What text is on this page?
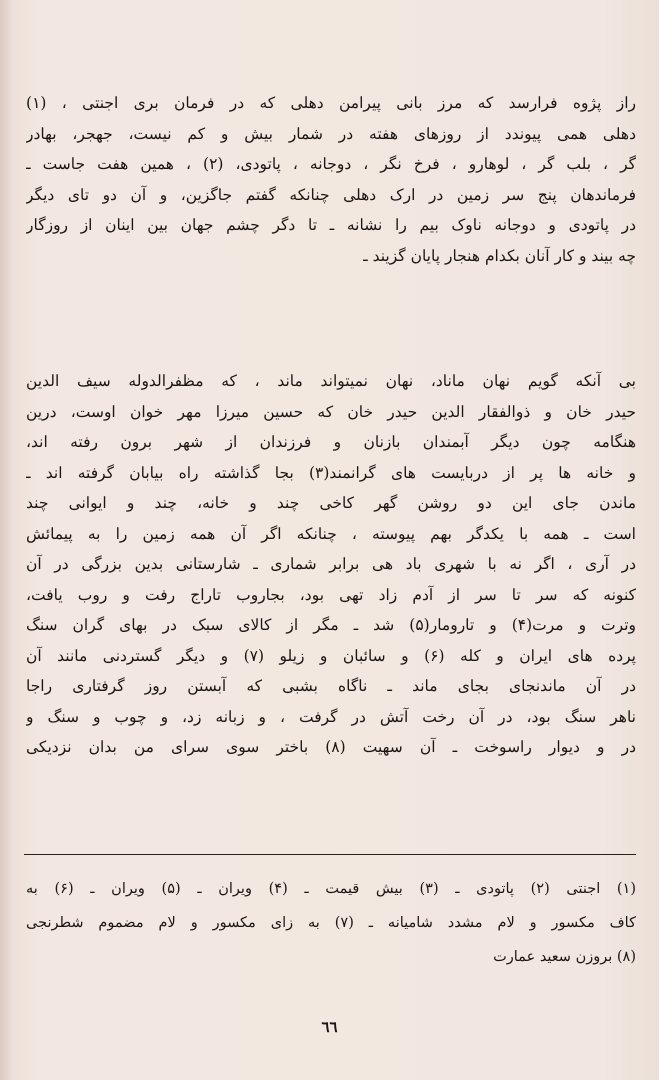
راز پژوه فرارسد که مرز بانی پیرامن دهلی که در فرمان بری اجنتی ، (۱)
دهلی همی پیوندد از روزهای هفته در شمار بیش و کم نیست، جهجر، بهادر
گر ، بلب گر ، لوهارو ، فرخ نگر ، دوجانه ، پاتودی، (۲) ، همین هفت جاست ـ
فرماندهان پنج سر زمین در ارک دهلی چنانکه گفتم جاگزین، و آن دو تای دیگر
در پاتودی و دوجانه ناوک بیم را نشانه ـ تا دگر چشم جهان بین اینان از روزگار
چه بیند و کار آنان بکدام هنجار پایان گزیند ـ
بی آنکه گویم نهان ماناد، نهان نمیتواند ماند ، که مظفرالدوله سیف الدین
حیدر خان و ذوالفقار الدین حیدر خان که حسین میرزا مهر خوان اوست، درین
هنگامه چون دیگر آبمندان بازنان و فرزندان از شهر برون رفته اند،
و خانه ها پر از دربایست های گرانمند(۳) بجا گذاشته راه بیابان گرفته اند ـ
ماندن جای این دو روشن گهر کاخی چند و خانه، چند و ایوانی چند
است ـ همه با یکدگر بهم پیوسته ، چنانکه اگر آن همه زمین را به پیمائش
در آری ، اگر نه با شهری باد هی برابر شماری ـ شارستانی بدین بزرگی در آن
کنونه که سر تا سر از آدم زاد تهی بود، بجاروب تاراج رفت و روب یافت،
وترت و مرت(۴) و تارومار(۵) شد ـ مگر از کالای سبک در بهای گران سنگ
پرده های ایران و کله (۶) و سائبان و زیلو (۷) و دیگر گستردنی مانند آن
در آن ماندنجای بجای ماند ـ ناگاه بشبی که آبستن روز گرفتاری راجا
ناهر سنگ بود، در آن رخت آتش در گرفت ، و زبانه زد، و چوب و سنگ و
در و دیوار راسوخت ـ آن سهیت (۸) باختر سوی سرای من بدان نزدیکی
(۱) اجنتی (۲) پاتودی ـ (۳) بیش قیمت ـ (۴) ویران ـ (۵) ویران ـ (۶) به
کاف مکسور و لام مشدد شامیانه ـ (۷) به زای مکسور و لام مضموم شطرنجی
(۸) بروزن سعید عمارت
٦٦
